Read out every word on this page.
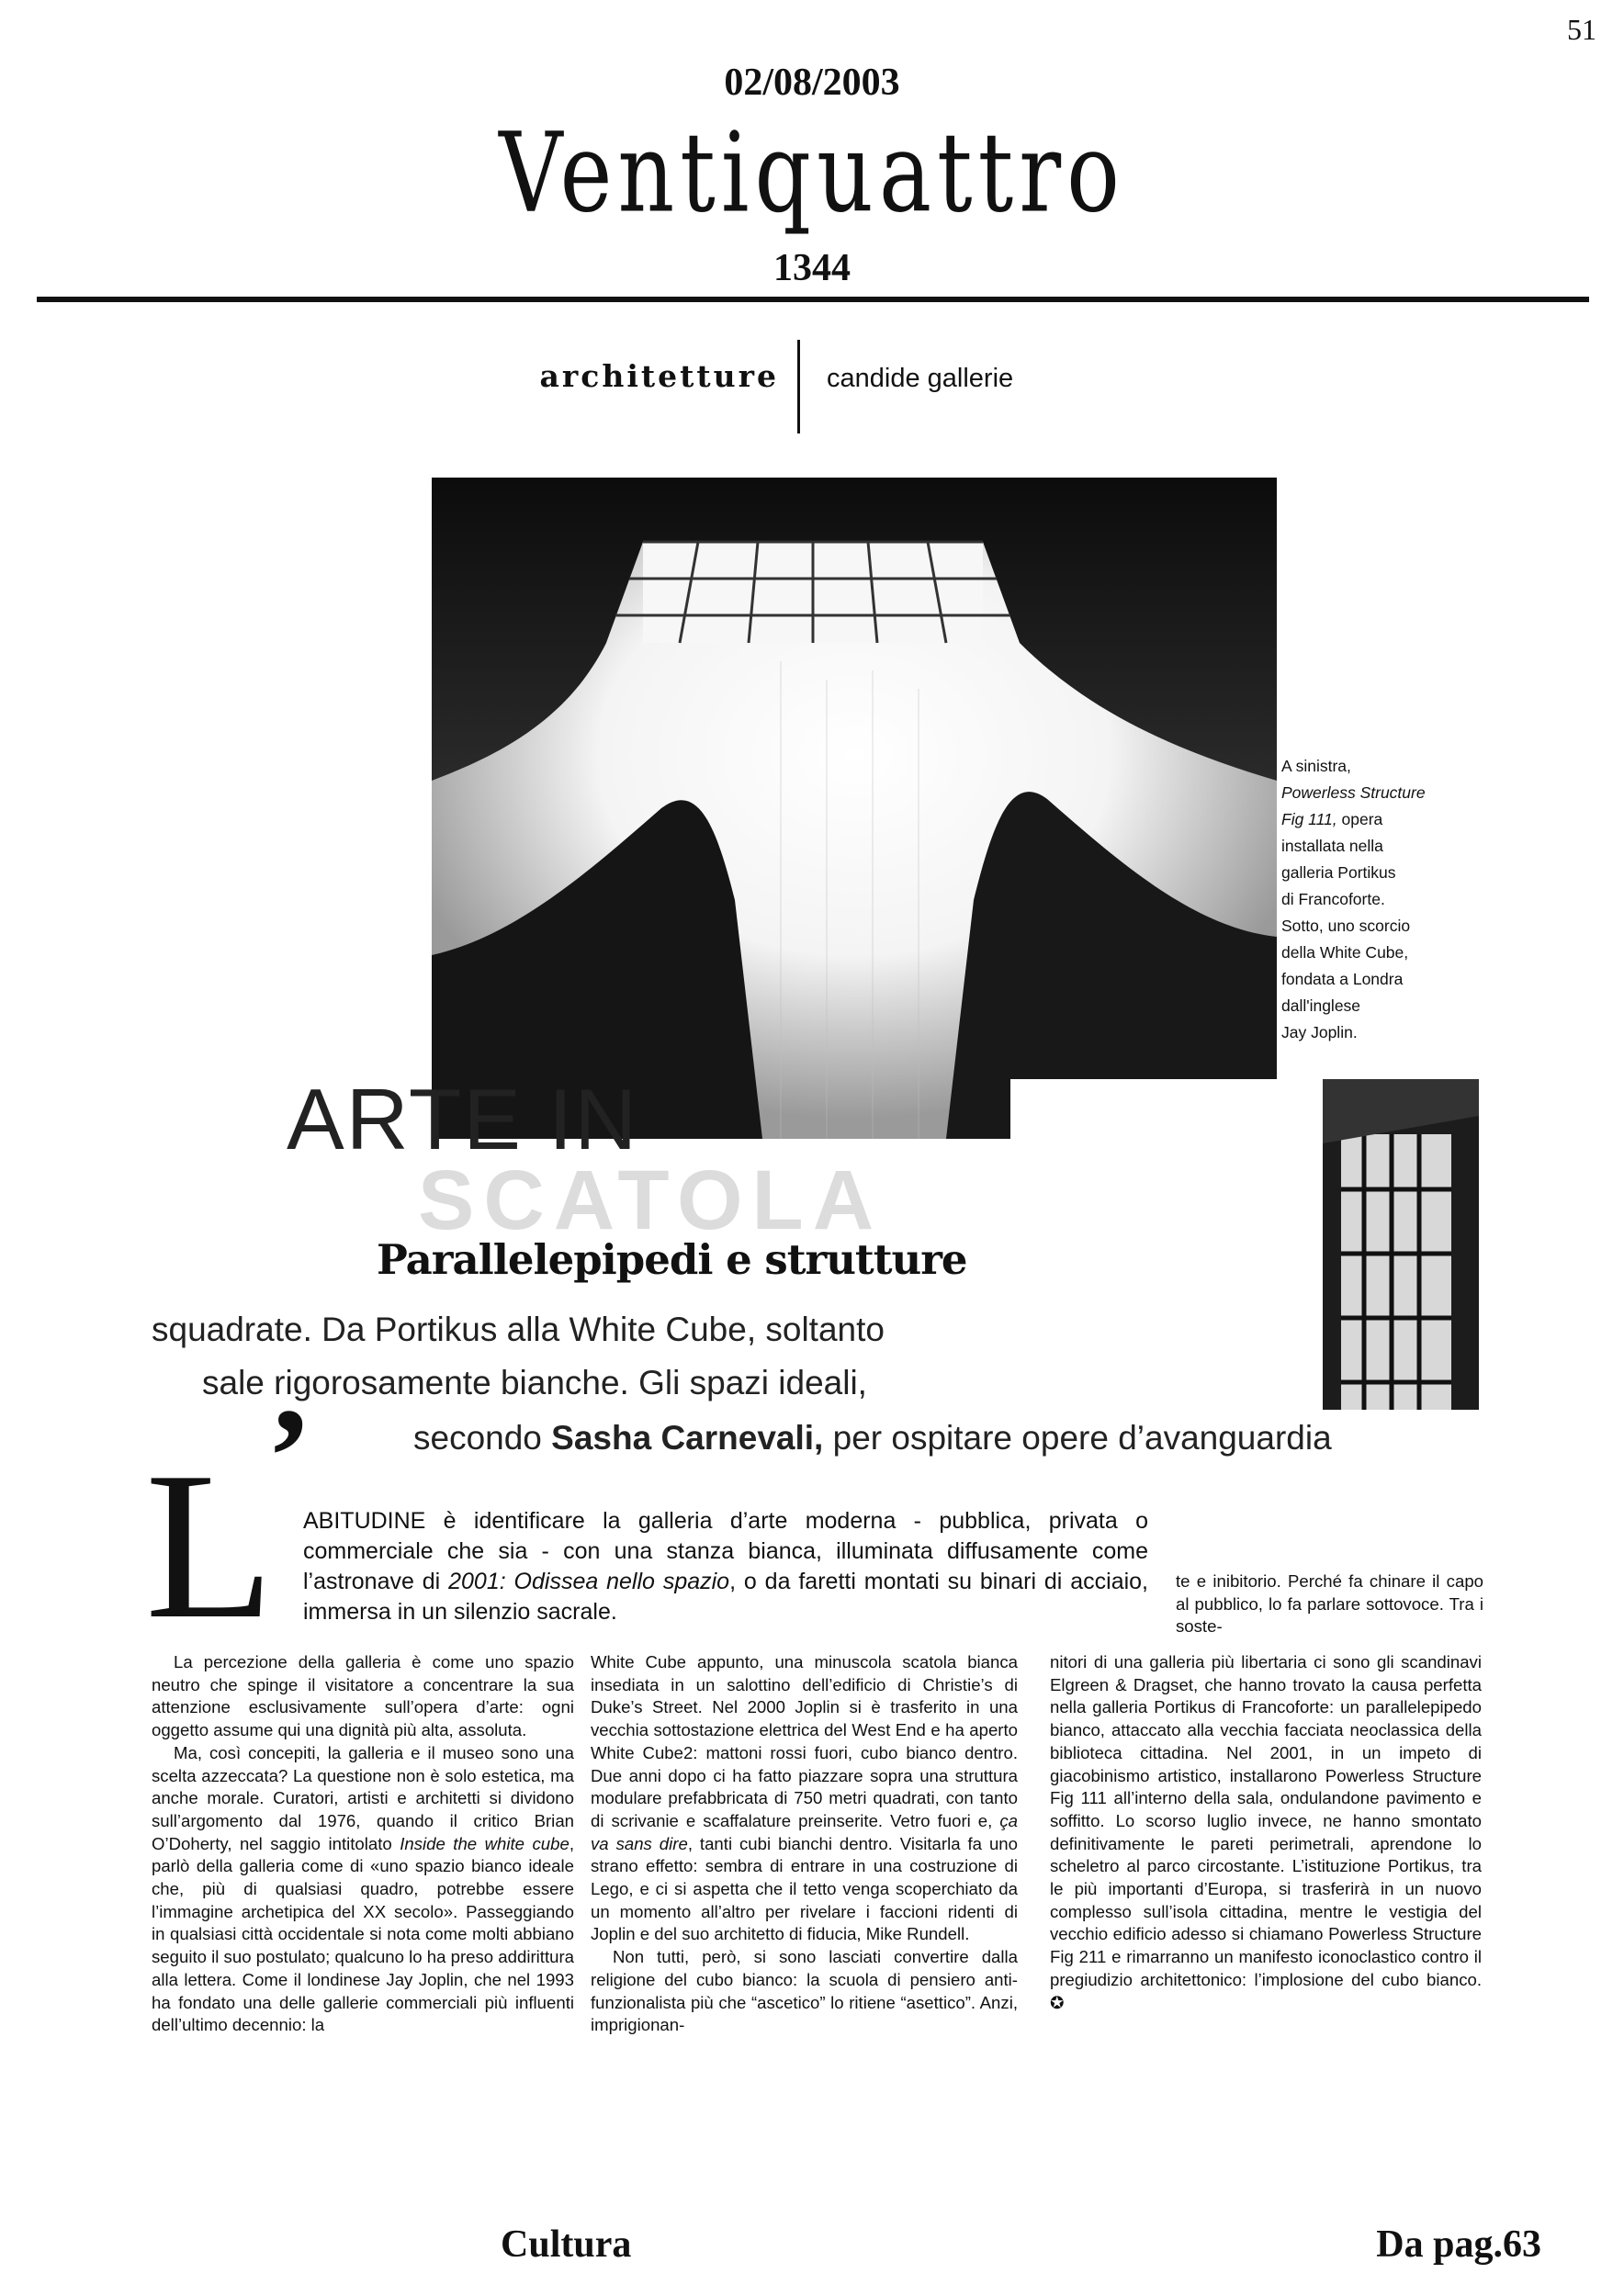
51
02/08/2003
Ventiquattro
1344
architetture candide gallerie
A sinistra,
Powerless Structure
Fig 111, opera
installata nella
galleria Portikus
di Francoforte.
Sotto, uno scorcio
della White Cube,
fondata a Londra
dall'inglese
Jay Joplin.
ARTE IN
SCATOLA
Parallelepipedi e strutture
squadrate. Da Portikus alla White Cube, soltanto
sale rigorosamente bianche. Gli spazi ideali,
secondo Sasha Carnevali, per ospitare opere d’avanguardia
L
’
ABITUDINE è identificare la galleria d’arte moderna - pubblica, privata o commerciale che sia - con una stanza bianca, illuminata diffusamente come l’astronave di 2001: Odissea nello spazio, o da faretti montati su binari di acciaio, immersa in un silenzio sacrale.

te e inibitorio. Perché fa chinare il capo al pubblico, lo fa parlare sottovoce. Tra i soste-

La percezione della galleria è come uno spazio neutro che spinge il visitatore a concentrare la sua attenzione esclusivamente sull’opera d’arte: ogni oggetto assume qui una dignità più alta, assoluta.

Ma, così concepiti, la galleria e il museo sono una scelta azzeccata? La questione non è solo estetica, ma anche morale. Curatori, artisti e architetti si dividono sull’argomento dal 1976, quando il critico Brian O’Doherty, nel saggio intitolato Inside the white cube, parlò della galleria come di «uno spazio bianco ideale che, più di qualsiasi quadro, potrebbe essere l’immagine archetipica del XX secolo». Passeggiando in qualsiasi città occidentale si nota come molti abbiano seguito il suo postulato; qualcuno lo ha preso addirittura alla lettera. Come il londinese Jay Joplin, che nel 1993 ha fondato una delle gallerie commerciali più influenti dell’ultimo decennio: la

White Cube appunto, una minuscola scatola bianca insediata in un salottino dell’edificio di Christie’s di Duke’s Street. Nel 2000 Joplin si è trasferito in una vecchia sottostazione elettrica del West End e ha aperto White Cube2: mattoni rossi fuori, cubo bianco dentro. Due anni dopo ci ha fatto piazzare sopra una struttura modulare prefabbricata di 750 metri quadrati, con tanto di scrivanie e scaffalature preinserite. Vetro fuori e, ça va sans dire, tanti cubi bianchi dentro. Visitarla fa uno strano effetto: sembra di entrare in una costruzione di Lego, e ci si aspetta che il tetto venga scoperchiato da un momento all’altro per rivelare i faccioni ridenti di Joplin e del suo architetto di fiducia, Mike Rundell.

Non tutti, però, si sono lasciati convertire dalla religione del cubo bianco: la scuola di pensiero anti-funzionalista più che “ascetico” lo ritiene “asettico”. Anzi, imprigionan-

nitori di una galleria più libertaria ci sono gli scandinavi Elgreen & Dragset, che hanno trovato la causa perfetta nella galleria Portikus di Francoforte: un parallelepipedo bianco, attaccato alla vecchia facciata neoclassica della biblioteca cittadina. Nel 2001, in un impeto di giacobinismo artistico, installarono Powerless Structure Fig 111 all’interno della sala, ondulandone pavimento e soffitto. Lo scorso luglio invece, ne hanno smontato definitivamente le pareti perimetrali, aprendone lo scheletro al parco circostante. L’istituzione Portikus, tra le più importanti d’Europa, si trasferirà in un nuovo complesso sull’isola cittadina, mentre le vestigia del vecchio edificio adesso si chiamano Powerless Structure Fig 211 e rimarranno un manifesto iconoclastico contro il pregiudizio architettonico: l’implosione del cubo bianco. ✪

Cultura	Da pag.63
